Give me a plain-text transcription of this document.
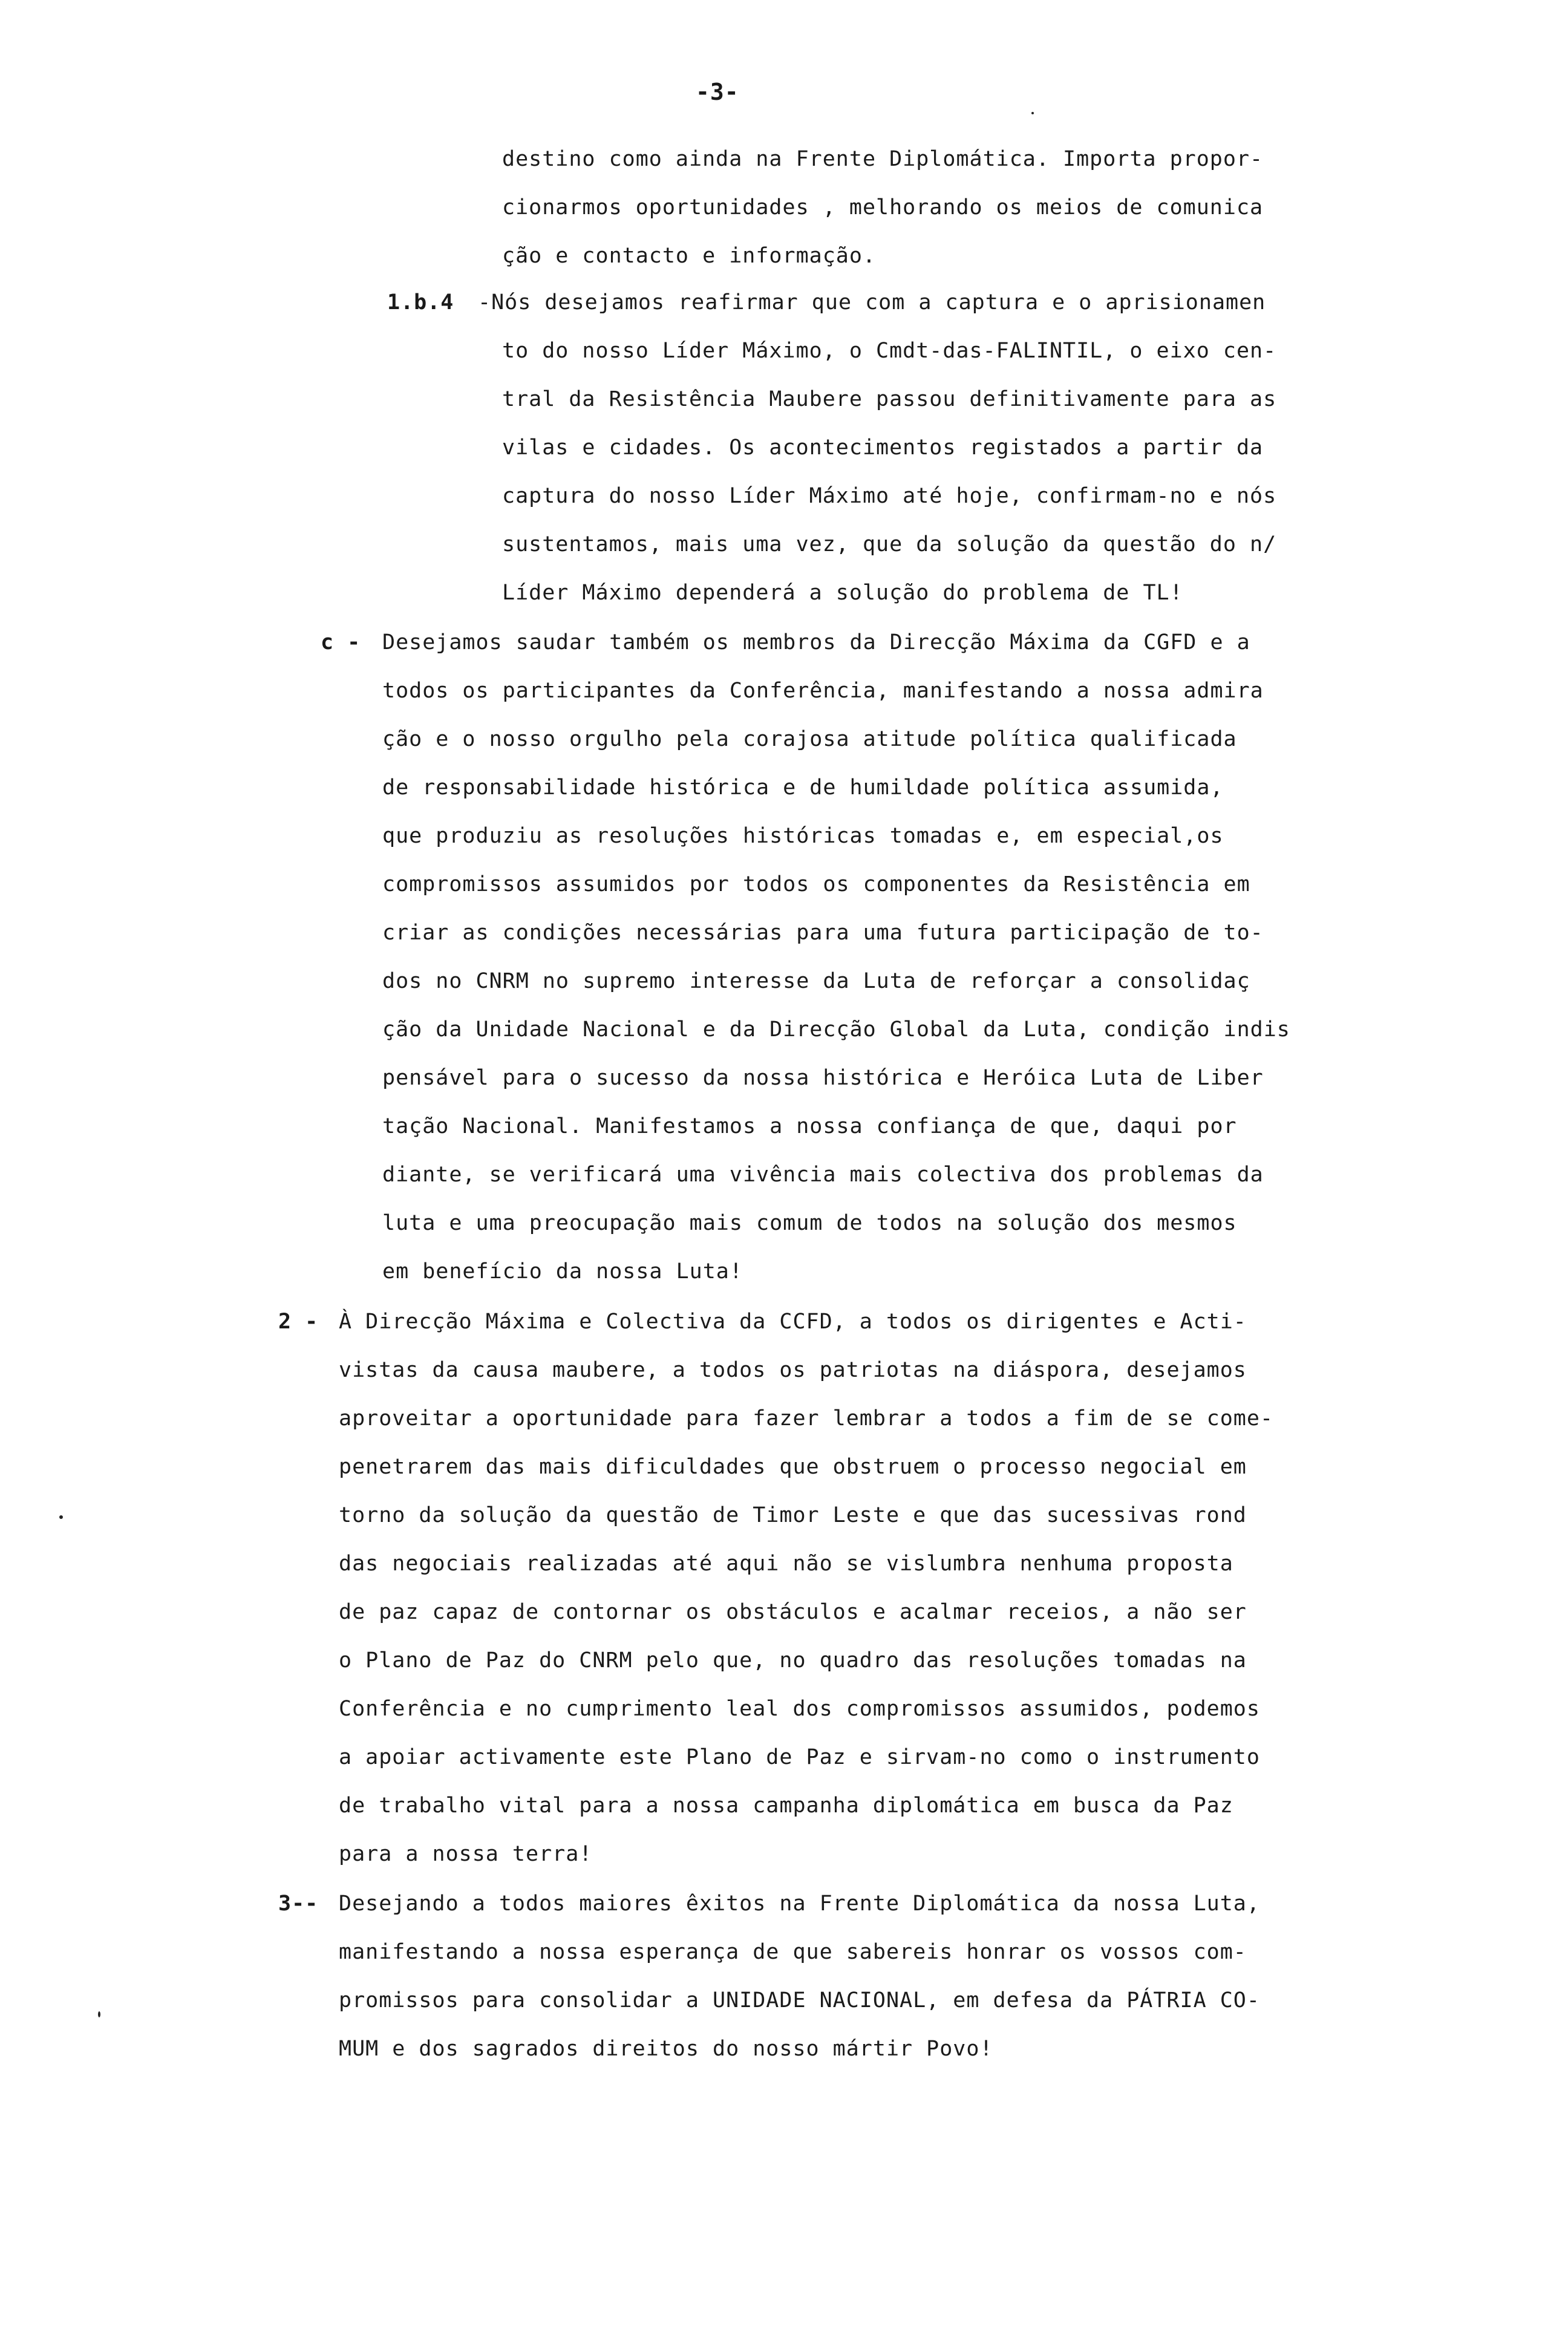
-3-
destino como ainda na Frente Diplomática. Importa propor-
cionarmos oportunidades , melhorando os meios de comunica
ção e contacto e informação.
1.b.4 -Nós desejamos reafirmar que com a captura e o aprisionamen
to do nosso Líder Máximo, o Cmdt-das-FALINTIL, o eixo cen-
tral da Resistência Maubere passou definitivamente para as
vilas e cidades. Os acontecimentos registados a partir da
captura do nosso Líder Máximo até hoje, confirmam-no e nós
sustentamos, mais uma vez, que da solução da questão do n/
Líder Máximo dependerá a solução do problema de TL!
c - Desejamos saudar também os membros da Direcção Máxima da CGFD e a
todos os participantes da Conferência, manifestando a nossa admira
ção e o nosso orgulho pela corajosa atitude política qualificada
de responsabilidade histórica e de humildade política assumida,
que produziu as resoluções históricas tomadas e, em especial,os
compromissos assumidos por todos os componentes da Resistência em
criar as condições necessárias para uma futura participação de to-
dos no CNRM no supremo interesse da Luta de reforçar a consolidaç
ção da Unidade Nacional e da Direcção Global da Luta, condição indis
pensável para o sucesso da nossa histórica e Heróica Luta de Liber
tação Nacional. Manifestamos a nossa confiança de que, daqui por
diante, se verificará uma vivência mais colectiva dos problemas da
luta e uma preocupação mais comum de todos na solução dos mesmos
em benefício da nossa Luta!
2 - À Direcção Máxima e Colectiva da CCFD, a todos os dirigentes e Acti-
vistas da causa maubere, a todos os patriotas na diáspora, desejamos
aproveitar a oportunidade para fazer lembrar a todos a fim de se come-
penetrarem das mais dificuldades que obstruem o processo negocial em
torno da solução da questão de Timor Leste e que das sucessivas rond
das negociais realizadas até aqui não se vislumbra nenhuma proposta
de paz capaz de contornar os obstáculos e acalmar receios, a não ser
o Plano de Paz do CNRM pelo que, no quadro das resoluções tomadas na
Conferência e no cumprimento leal dos compromissos assumidos, podemos
a apoiar activamente este Plano de Paz e sirvam-no como o instrumento
de trabalho vital para a nossa campanha diplomática em busca da Paz
para a nossa terra!
3-- Desejando a todos maiores êxitos na Frente Diplomática da nossa Luta,
manifestando a nossa esperança de que sabereis honrar os vossos com-
promissos para consolidar a UNIDADE NACIONAL, em defesa da PÁTRIA CO-
MUM e dos sagrados direitos do nosso mártir Povo!
